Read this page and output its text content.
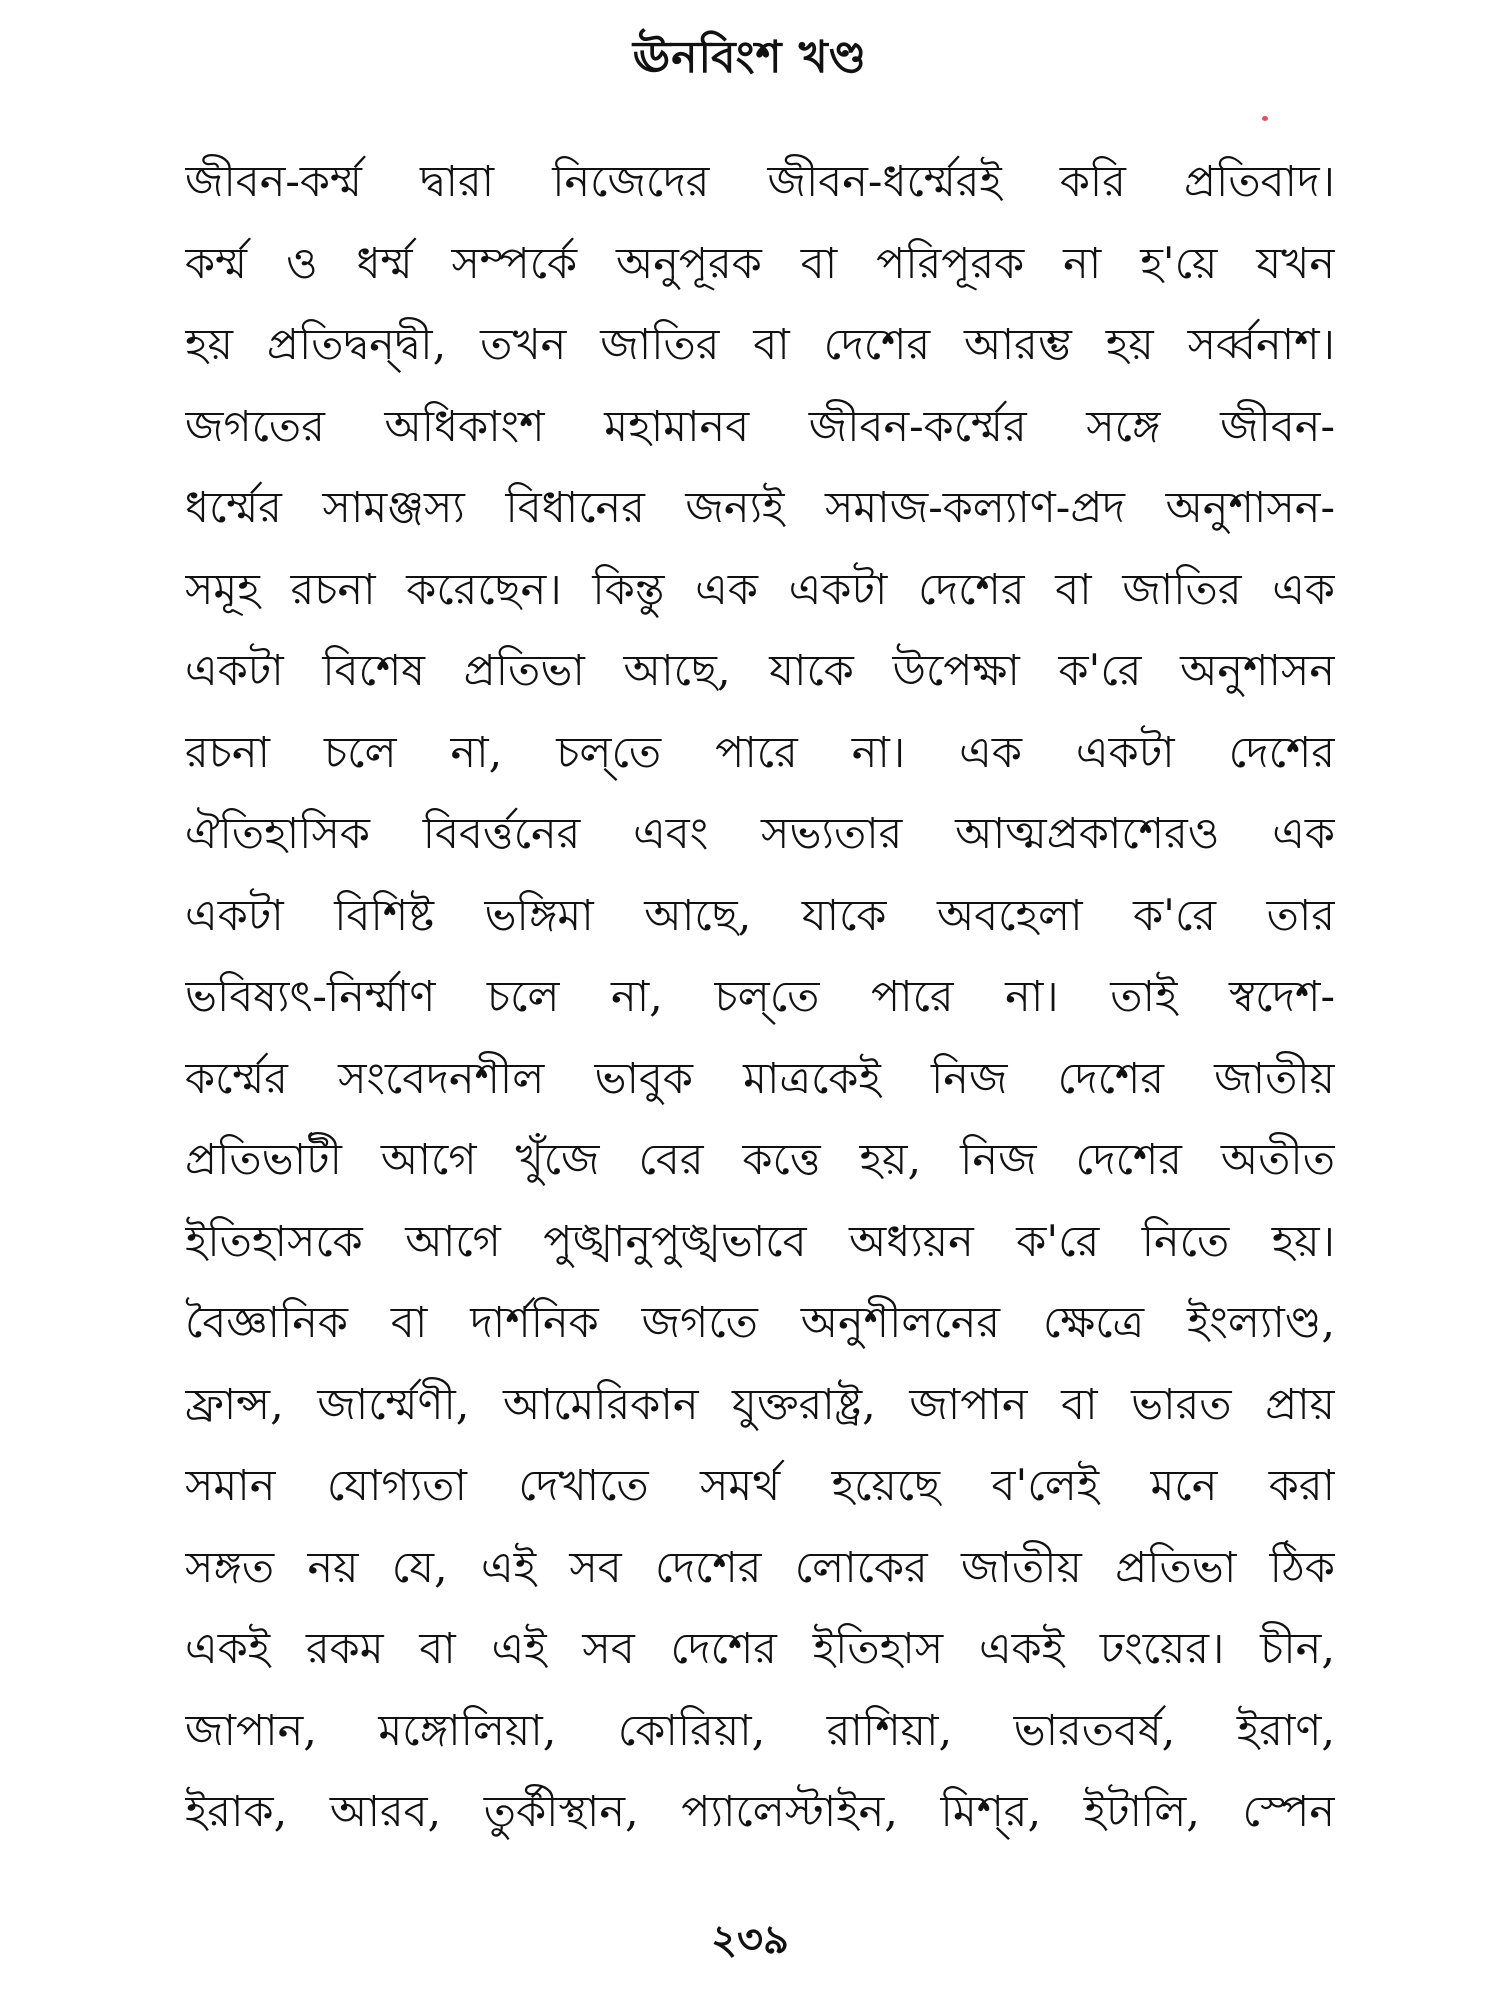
ঊনবিংশ খণ্ড
জীবন-কর্ম্ম দ্বারা নিজেদের জীবন-ধর্ম্মেরই করি প্রতিবাদ।
কর্ম্ম ও ধর্ম্ম সম্পর্কে অনুপূরক বা পরিপূরক না হ'য়ে যখন
হয় প্রতিদ্বন্দ্বী, তখন জাতির বা দেশের আরম্ভ হয় সর্ব্বনাশ।
জগতের অধিকাংশ মহামানব জীবন-কর্ম্মের সঙ্গে জীবন-
ধর্ম্মের সামঞ্জস্য বিধানের জন্যই সমাজ-কল্যাণ-প্রদ অনুশাসন-
সমূহ রচনা করেছেন। কিন্তু এক একটা দেশের বা জাতির এক
একটা বিশেষ প্রতিভা আছে, যাকে উপেক্ষা ক'রে অনুশাসন
রচনা চলে না, চল্‌তে পারে না। এক একটা দেশের
ঐতিহাসিক বিবর্ত্তনের এবং সভ্যতার আত্মপ্রকাশেরও এক
একটা বিশিষ্ট ভঙ্গিমা আছে, যাকে অবহেলা ক'রে তার
ভবিষ্যৎ-নির্ম্মাণ চলে না, চল্‌তে পারে না। তাই স্বদেশ-
কর্ম্মের সংবেদনশীল ভাবুক মাত্রকেই নিজ দেশের জাতীয়
প্রতিভাটী আগে খুঁজে বের কত্তে হয়, নিজ দেশের অতীত
ইতিহাসকে আগে পুঙ্খানুপুঙ্খভাবে অধ্যয়ন ক'রে নিতে হয়।
বৈজ্ঞানিক বা দার্শনিক জগতে অনুশীলনের ক্ষেত্রে ইংল্যাণ্ড,
ফ্রান্স, জার্ম্মেণী, আমেরিকান যুক্তরাষ্ট্র, জাপান বা ভারত প্রায়
সমান যোগ্যতা দেখাতে সমর্থ হয়েছে ব'লেই মনে করা
সঙ্গত নয় যে, এই সব দেশের লোকের জাতীয় প্রতিভা ঠিক
একই রকম বা এই সব দেশের ইতিহাস একই ঢংয়ের। চীন,
জাপান, মঙ্গোলিয়া, কোরিয়া, রাশিয়া, ভারতবর্ষ, ইরাণ,
ইরাক, আরব, তুর্কীস্থান, প্যালেস্টাইন, মিশ্‌র, ইটালি, স্পেন
২৩৯
